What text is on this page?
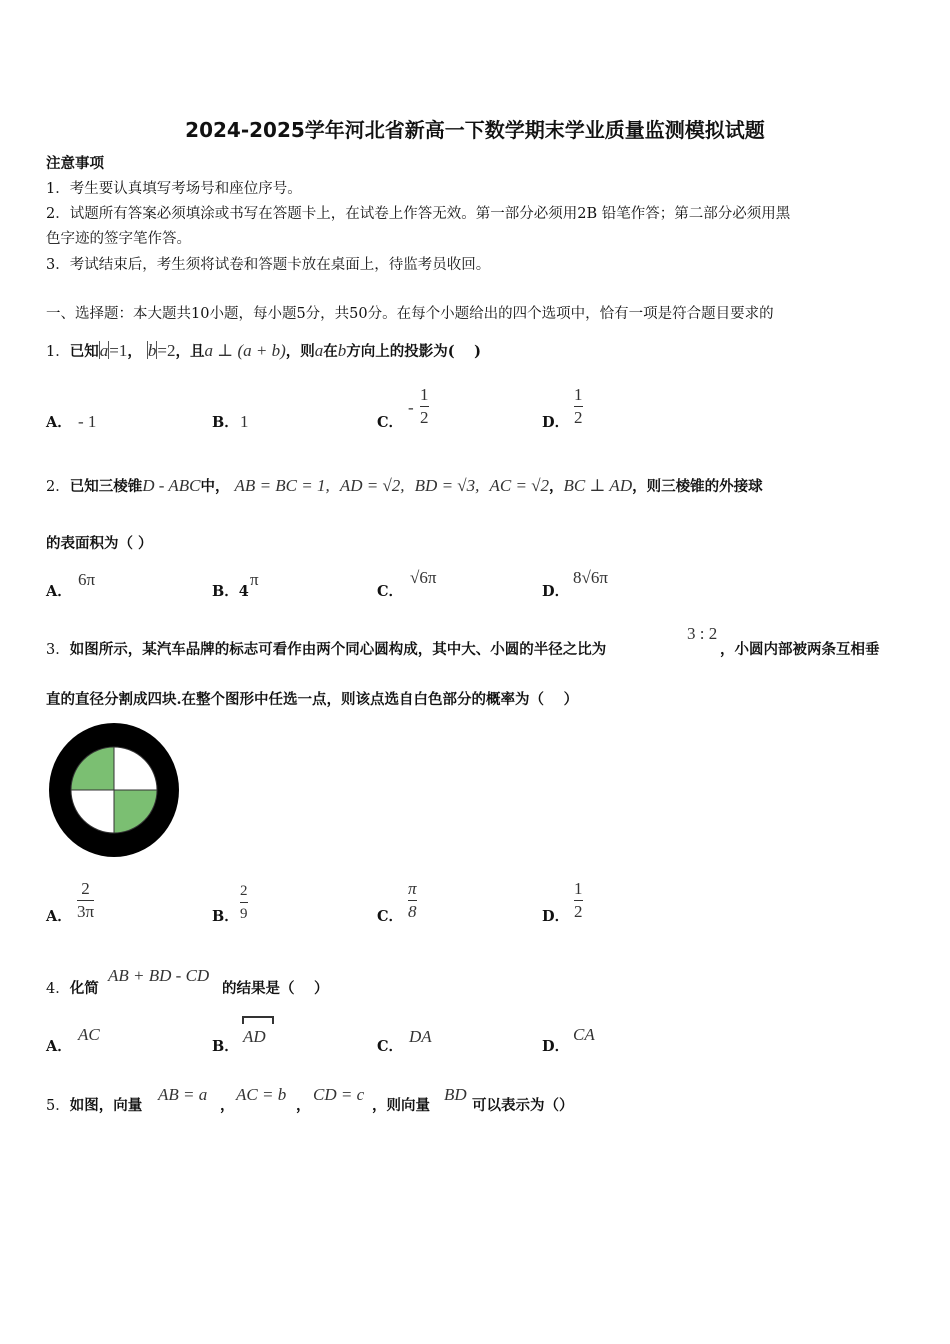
2024-2025学年河北省新高一下数学期末学业质量监测模拟试题
注意事项
1．考生要认真填写考场号和座位序号。
2．试题所有答案必须填涂或书写在答题卡上，在试卷上作答无效。第一部分必须用2B 铅笔作答；第二部分必须用黑
色字迹的签字笔作答。
3．考试结束后，考生须将试卷和答题卡放在桌面上，待监考员收回。
一、选择题：本大题共10小题，每小题5分，共50分。在每个小题给出的四个选项中，恰有一项是符合题目要求的
1．已知a=1， b=2，且a ⊥ (a + b)，则a在b方向上的投影为(　 )
A． - 1	B． 1	C．
-
1
2	D．
1
2
2．已知三棱锥D - ABC中， AB = BC = 1, AD = √2, BD = √3, AC = √2，BC ⊥ AD，则三棱锥的外接球
的表面积为（ ）
A．
6π
B．4
π
C．
√6π
D．
8√6π
3．如图所示，某汽车品牌的标志可看作由两个同心圆构成，其中大、小圆的半径之比为
3 : 2
，小圆内部被两条互相垂
直的直径分割成四块.在整个图形中任选一点，则该点选自白色部分的概率为（　 ）
A．
2
3π	B．
2
9	C．
π
8	D．
1
2
4．化简
AB + BD - CD
的结果是（　 ）
A．
AC
B．
AD
C．
DA
D．
CA
5．如图，向量
AB = a
，
AC = b
，
CD = c
，则向量
BD
可以表示为（）
